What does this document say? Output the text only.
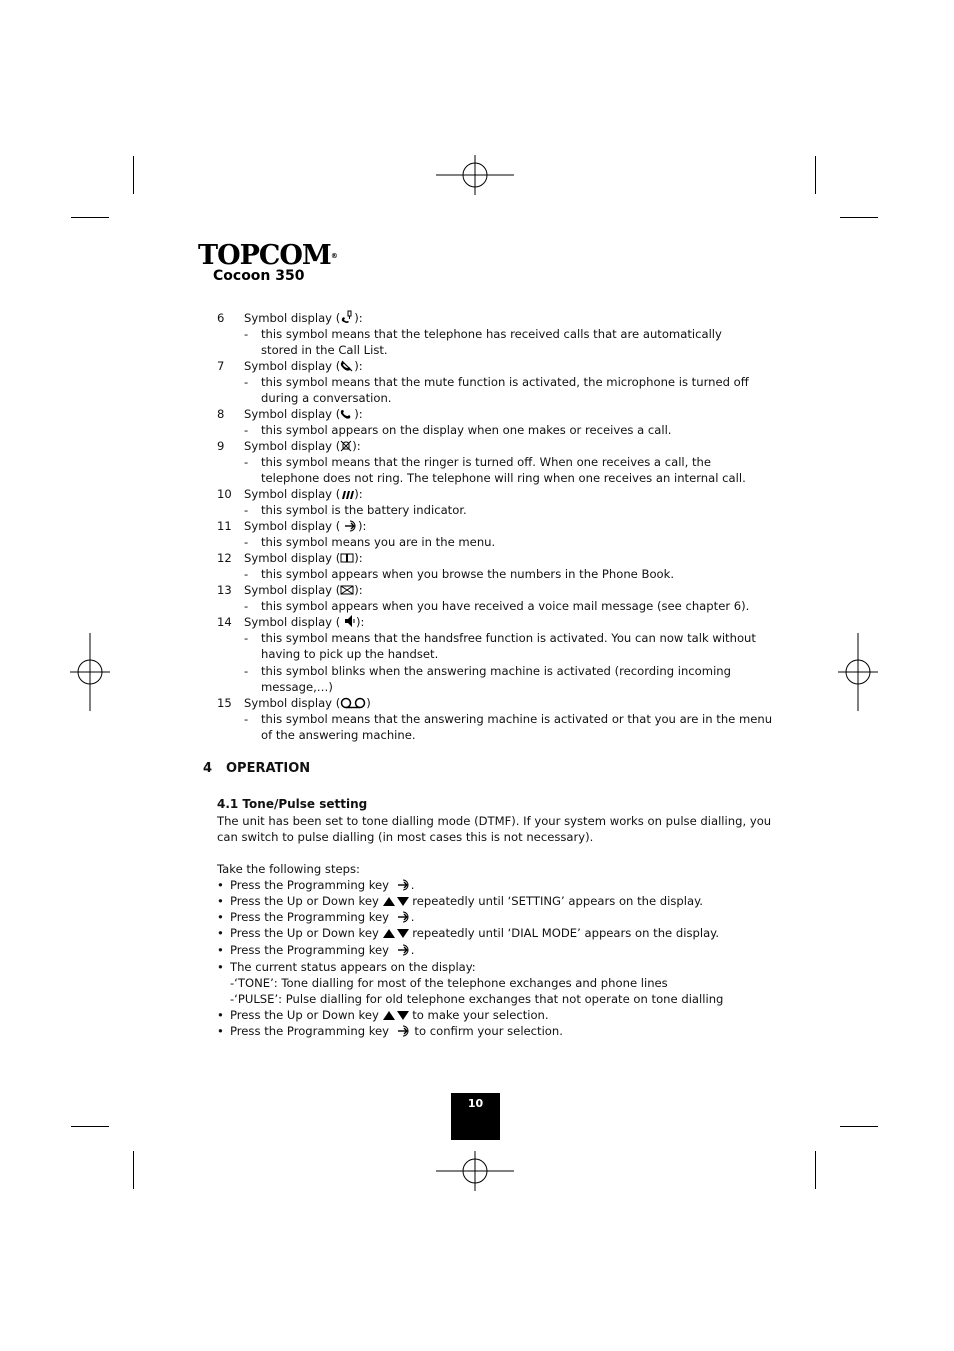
TOPCOM®
Cocoon 350
6 Symbol display ( ):
- this symbol means that the telephone has received calls that are automatically
stored in the Call List.
7 Symbol display ( ):
- this symbol means that the mute function is activated, the microphone is turned off
during a conversation.
8 Symbol display ( ):
- this symbol appears on the display when one makes or receives a call.
9 Symbol display ( ):
- this symbol means that the ringer is turned off. When one receives a call, the
telephone does not ring. The telephone will ring when one receives an internal call.
10 Symbol display ( ):
- this symbol is the battery indicator.
11 Symbol display ( ):
- this symbol means you are in the menu.
12 Symbol display ( ):
- this symbol appears when you browse the numbers in the Phone Book.
13 Symbol display ( ):
- this symbol appears when you have received a voice mail message (see chapter 6).
14 Symbol display ( ):
- this symbol means that the handsfree function is activated. You can now talk without
having to pick up the handset.
- this symbol blinks when the answering machine is activated (recording incoming
message,…)
15 Symbol display ( )
- this symbol means that the answering machine is activated or that you are in the menu
of the answering machine.
4 OPERATION
4.1 Tone/Pulse setting
The unit has been set to tone dialling mode (DTMF). If your system works on pulse dialling, you
can switch to pulse dialling (in most cases this is not necessary).
Take the following steps:
• Press the Programming key .
• Press the Up or Down key  repeatedly until ‘SETTING’ appears on the display.
• Press the Programming key .
• Press the Up or Down key  repeatedly until ‘DIAL MODE’ appears on the display.
• Press the Programming key .
• The current status appears on the display:
-‘TONE’: Tone dialling for most of the telephone exchanges and phone lines
-‘PULSE’: Pulse dialling for old telephone exchanges that not operate on tone dialling
• Press the Up or Down key  to make your selection.
• Press the Programming key  to confirm your selection.
10
